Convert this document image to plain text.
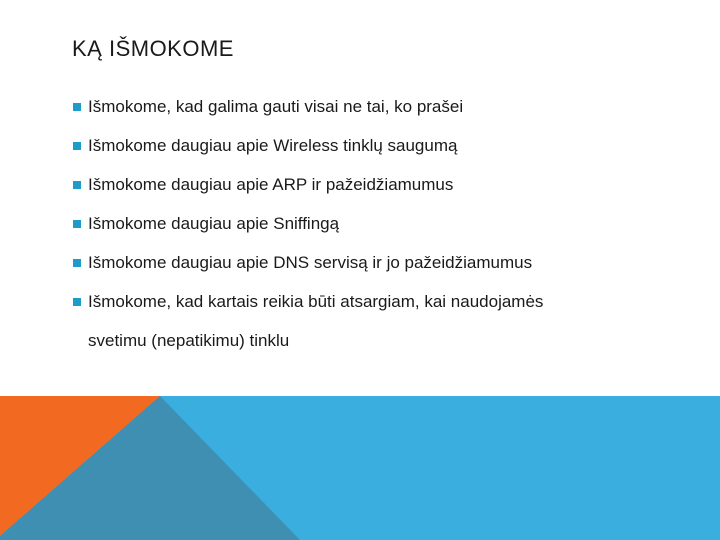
KĄ IŠMOKOME
Išmokome, kad galima gauti visai ne tai, ko prašei
Išmokome daugiau apie Wireless tinklų saugumą
Išmokome daugiau apie ARP ir pažeidžiamumus
Išmokome daugiau apie Sniffingą
Išmokome daugiau apie DNS servisą ir jo pažeidžiamumus
Išmokome, kad kartais reikia būti atsargiam, kai naudojamės
svetimu (nepatikimu) tinklu
